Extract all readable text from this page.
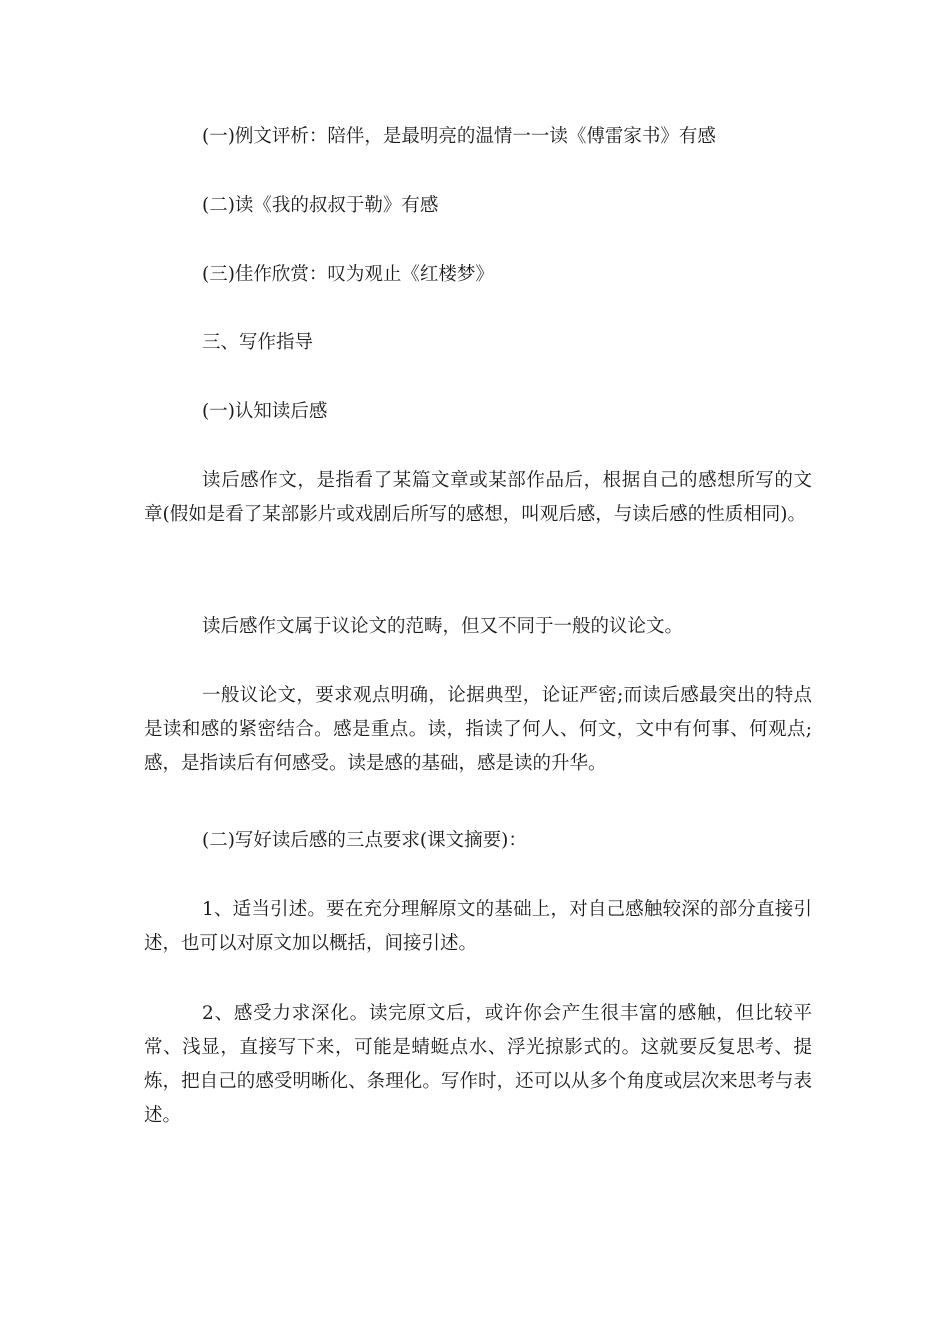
(一)例文评析：陪伴，是最明亮的温情一一读《傅雷家书》有感

(二)读《我的叔叔于勒》有感

(三)佳作欣赏：叹为观止《红楼梦》

三、写作指导

(一)认知读后感

读后感作文，是指看了某篇文章或某部作品后，根据自己的感想所写的文章(假如是看了某部影片或戏剧后所写的感想，叫观后感，与读后感的性质相同)。

读后感作文属于议论文的范畴，但又不同于一般的议论文。

一般议论文，要求观点明确，论据典型，论证严密;而读后感最突出的特点是读和感的紧密结合。感是重点。读，指读了何人、何文，文中有何事、何观点;感，是指读后有何感受。读是感的基础，感是读的升华。

(二)写好读后感的三点要求(课文摘要)：

1、适当引述。要在充分理解原文的基础上，对自己感触较深的部分直接引述，也可以对原文加以概括，间接引述。

2、感受力求深化。读完原文后，或许你会产生很丰富的感触，但比较平常、浅显，直接写下来，可能是蜻蜓点水、浮光掠影式的。这就要反复思考、提炼，把自己的感受明晰化、条理化。写作时，还可以从多个角度或层次来思考与表述。
